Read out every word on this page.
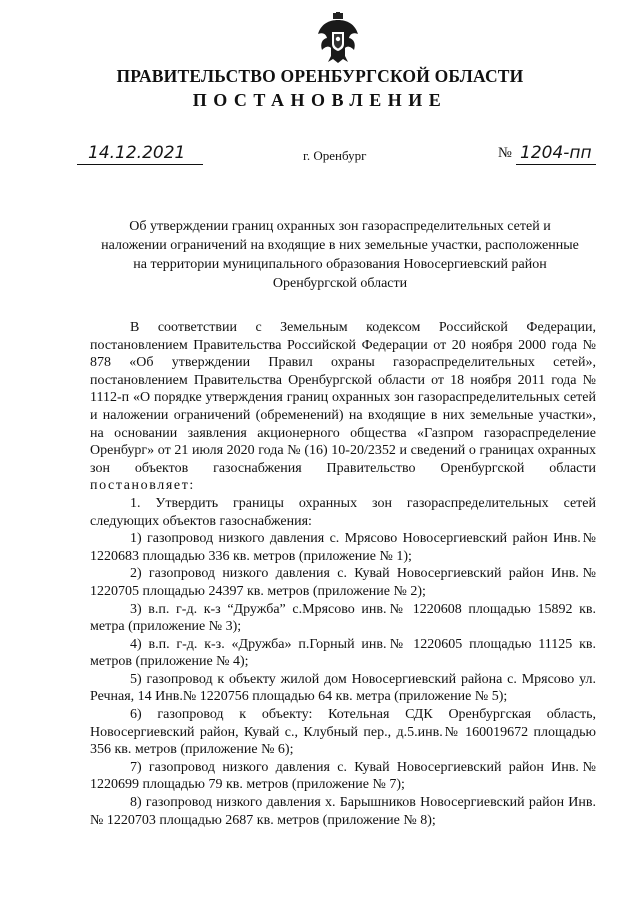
ПРАВИТЕЛЬСТВО ОРЕНБУРГСКОЙ ОБЛАСТИ
ПОСТАНОВЛЕНИЕ
14.12.2021	г. Оренбург	№ 1204-пп
Об утверждении границ охранных зон газораспределительных сетей и наложении ограничений на входящие в них земельные участки, расположенные на территории муниципального образования Новосергиевский район Оренбургской области

В соответствии с Земельным кодексом Российской Федерации, постановлением Правительства Российской Федерации от 20 ноября 2000 года № 878 «Об утверждении Правил охраны газораспределительных сетей», постановлением Правительства Оренбургской области от 18 ноября 2011 года № 1112-п «О порядке утверждения границ охранных зон газораспределительных сетей и наложении ограничений (обременений) на входящие в них земельные участки», на основании заявления акционерного общества «Газпром газораспределение Оренбург» от 21 июля 2020 года № (16) 10-20/2352 и сведений о границах охранных зон объектов газоснабжения Правительство Оренбургской области постановляет:

1. Утвердить границы охранных зон газораспределительных сетей следующих объектов газоснабжения:

1) газопровод низкого давления с. Мрясово Новосергиевский район Инв.№ 1220683 площадью 336 кв. метров (приложение № 1);

2) газопровод низкого давления с. Кувай Новосергиевский район Инв.№ 1220705 площадью 24397 кв. метров (приложение № 2);

3) в.п. г-д. к-з “Дружба” с.Мрясово инв.№ 1220608 площадью 15892 кв. метра (приложение № 3);

4) в.п. г-д. к-з. «Дружба» п.Горный инв.№ 1220605 площадью 11125 кв. метров (приложение № 4);

5) газопровод к объекту жилой дом Новосергиевский района с. Мрясово ул. Речная, 14 Инв.№ 1220756 площадью 64 кв. метра (приложение № 5);

6) газопровод к объекту: Котельная СДК Оренбургская область, Новосергиевский район, Кувай с., Клубный пер., д.5.инв.№ 160019672 площадью 356 кв. метров (приложение № 6);

7) газопровод низкого давления с. Кувай Новосергиевский район Инв.№ 1220699 площадью 79 кв. метров (приложение № 7);

8) газопровод низкого давления х. Барышников Новосергиевский район Инв.№ 1220703 площадью 2687 кв. метров (приложение № 8);
